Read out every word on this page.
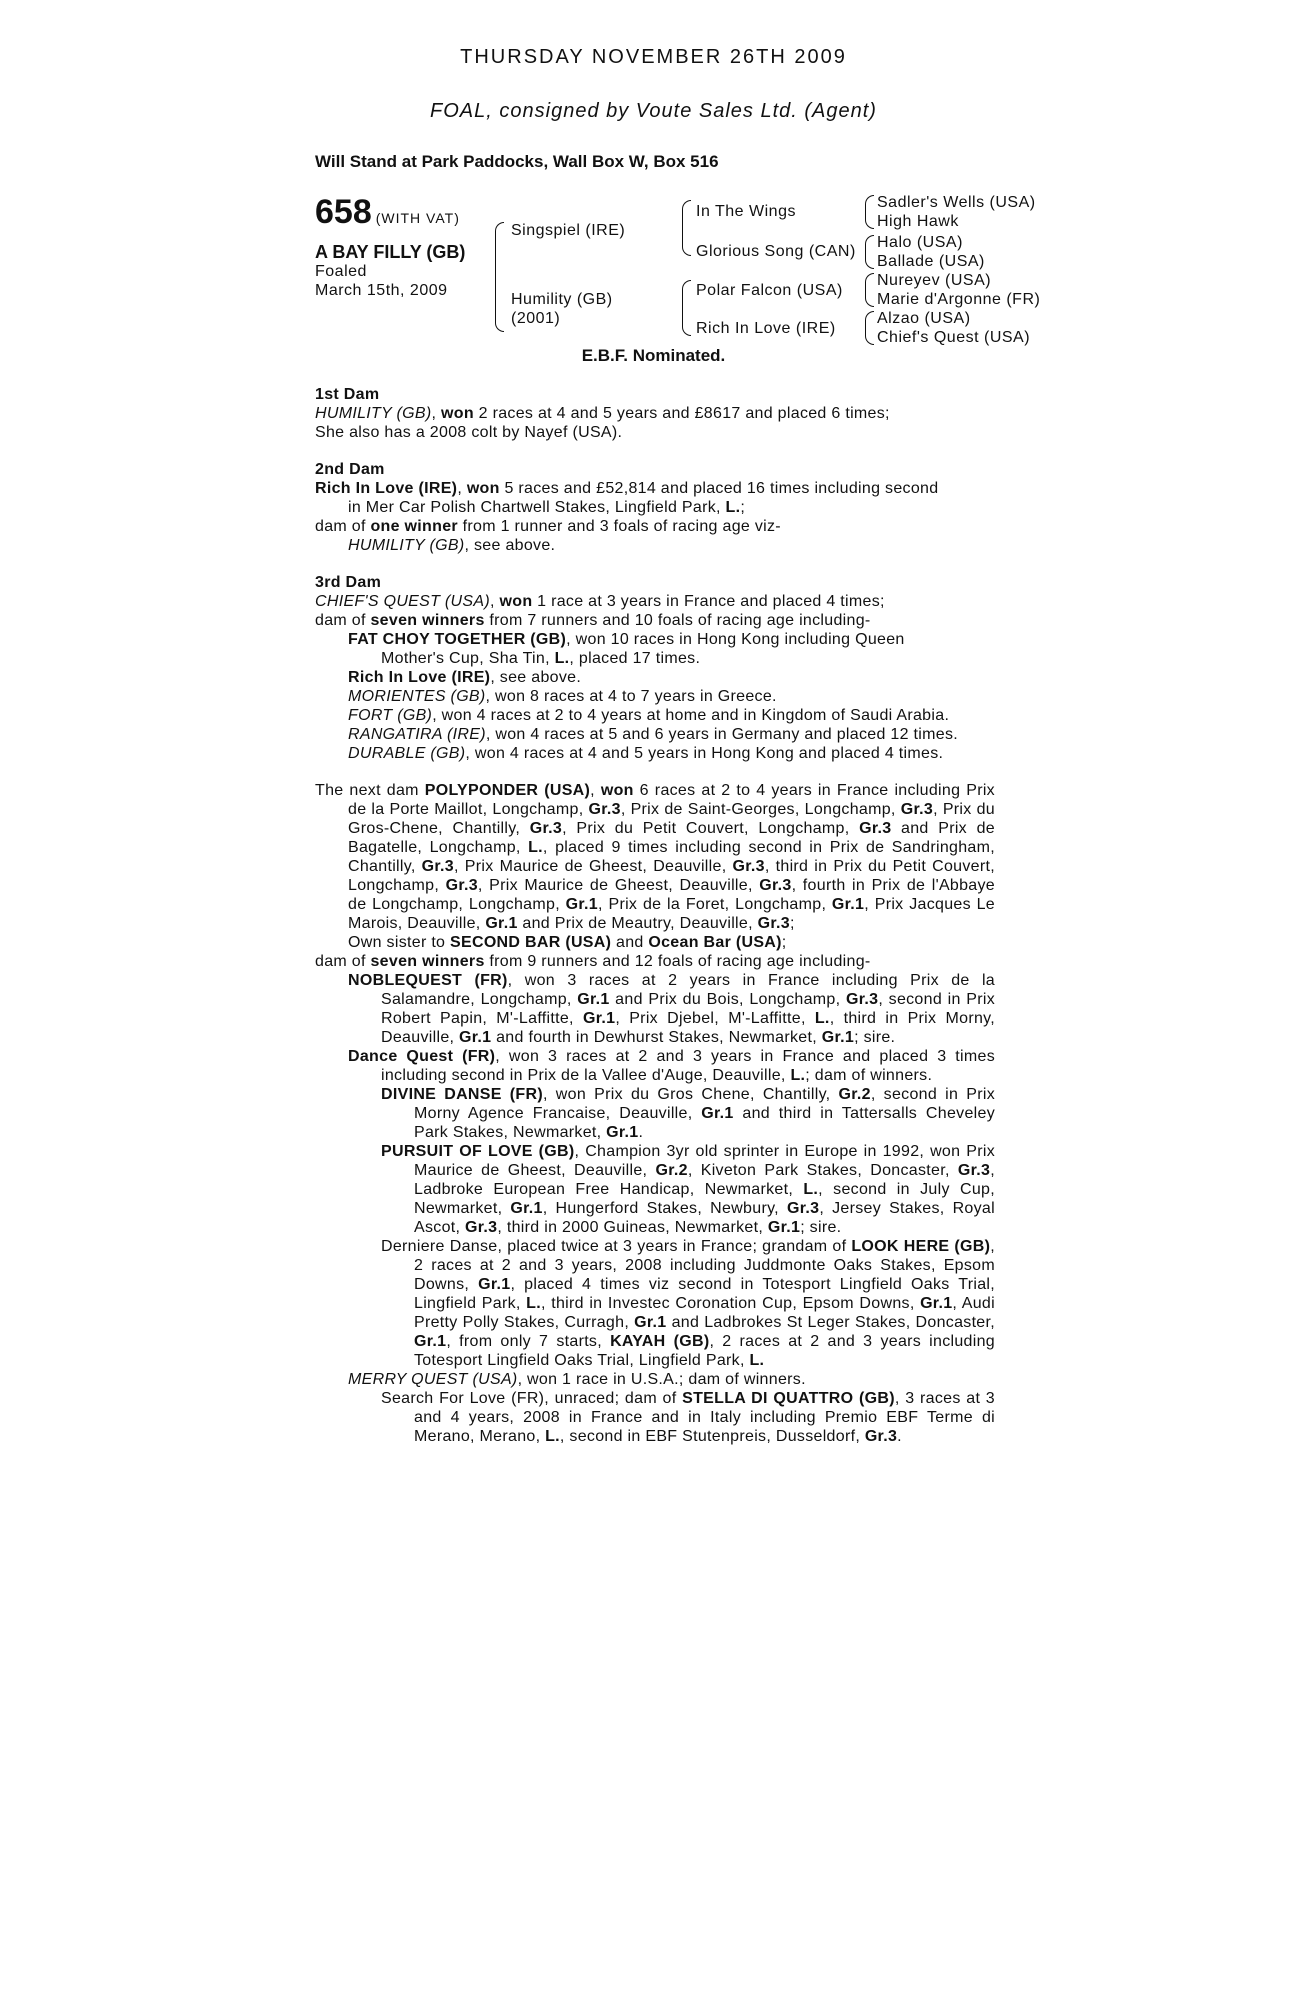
THURSDAY NOVEMBER 26TH 2009
FOAL, consigned by Voute Sales Ltd. (Agent)
Will Stand at Park Paddocks, Wall Box W, Box 516
658 (WITH VAT)
A BAY FILLY (GB)
Foaled
March 15th, 2009
Singspiel (IRE)
Humility (GB)
(2001)
In The Wings
Glorious Song (CAN)
Polar Falcon (USA)
Rich In Love (IRE)
Sadler's Wells (USA)
High Hawk
Halo (USA)
Ballade (USA)
Nureyev (USA)
Marie d'Argonne (FR)
Alzao (USA)
Chief's Quest (USA)
E.B.F. Nominated.

1st Dam

HUMILITY (GB), won 2 races at 4 and 5 years and £8617 and placed 6 times;

She also has a 2008 colt by Nayef (USA).

2nd Dam

Rich In Love (IRE), won 5 races and £52,814 and placed 16 times including second

in Mer Car Polish Chartwell Stakes, Lingfield Park, L.;

dam of one winner from 1 runner and 3 foals of racing age viz-

HUMILITY (GB), see above.

3rd Dam

CHIEF'S QUEST (USA), won 1 race at 3 years in France and placed 4 times;

dam of seven winners from 7 runners and 10 foals of racing age including-

FAT CHOY TOGETHER (GB), won 10 races in Hong Kong including Queen

Mother's Cup, Sha Tin, L., placed 17 times.

Rich In Love (IRE), see above.

MORIENTES (GB), won 8 races at 4 to 7 years in Greece.

FORT (GB), won 4 races at 2 to 4 years at home and in Kingdom of Saudi Arabia.

RANGATIRA (IRE), won 4 races at 5 and 6 years in Germany and placed 12 times.

DURABLE (GB), won 4 races at 4 and 5 years in Hong Kong and placed 4 times.

The next dam POLYPONDER (USA), won 6 races at 2 to 4 years in France including Prix de la Porte Maillot, Longchamp, Gr.3, Prix de Saint-Georges, Longchamp, Gr.3, Prix du Gros-Chene, Chantilly, Gr.3, Prix du Petit Couvert, Longchamp, Gr.3 and Prix de Bagatelle, Longchamp, L., placed 9 times including second in Prix de Sandringham, Chantilly, Gr.3, Prix Maurice de Gheest, Deauville, Gr.3, third in Prix du Petit Couvert, Longchamp, Gr.3, Prix Maurice de Gheest, Deauville, Gr.3, fourth in Prix de l'Abbaye de Longchamp, Longchamp, Gr.1, Prix de la Foret, Longchamp, Gr.1, Prix Jacques Le Marois, Deauville, Gr.1 and Prix de Meautry, Deauville, Gr.3;
Own sister to SECOND BAR (USA) and Ocean Bar (USA);

dam of seven winners from 9 runners and 12 foals of racing age including-

NOBLEQUEST (FR), won 3 races at 2 years in France including Prix de la Salamandre, Longchamp, Gr.1 and Prix du Bois, Longchamp, Gr.3, second in Prix Robert Papin, M'-Laffitte, Gr.1, Prix Djebel, M'-Laffitte, L., third in Prix Morny, Deauville, Gr.1 and fourth in Dewhurst Stakes, Newmarket, Gr.1; sire.

Dance Quest (FR), won 3 races at 2 and 3 years in France and placed 3 times including second in Prix de la Vallee d'Auge, Deauville, L.; dam of winners.

DIVINE DANSE (FR), won Prix du Gros Chene, Chantilly, Gr.2, second in Prix Morny Agence Francaise, Deauville, Gr.1 and third in Tattersalls Cheveley Park Stakes, Newmarket, Gr.1.

PURSUIT OF LOVE (GB), Champion 3yr old sprinter in Europe in 1992, won Prix Maurice de Gheest, Deauville, Gr.2, Kiveton Park Stakes, Doncaster, Gr.3, Ladbroke European Free Handicap, Newmarket, L., second in July Cup, Newmarket, Gr.1, Hungerford Stakes, Newbury, Gr.3, Jersey Stakes, Royal Ascot, Gr.3, third in 2000 Guineas, Newmarket, Gr.1; sire.

Derniere Danse, placed twice at 3 years in France; grandam of LOOK HERE (GB), 2 races at 2 and 3 years, 2008 including Juddmonte Oaks Stakes, Epsom Downs, Gr.1, placed 4 times viz second in Totesport Lingfield Oaks Trial, Lingfield Park, L., third in Investec Coronation Cup, Epsom Downs, Gr.1, Audi Pretty Polly Stakes, Curragh, Gr.1 and Ladbrokes St Leger Stakes, Doncaster, Gr.1, from only 7 starts, KAYAH (GB), 2 races at 2 and 3 years including Totesport Lingfield Oaks Trial, Lingfield Park, L.

MERRY QUEST (USA), won 1 race in U.S.A.; dam of winners.

Search For Love (FR), unraced; dam of STELLA DI QUATTRO (GB), 3 races at 3 and 4 years, 2008 in France and in Italy including Premio EBF Terme di Merano, Merano, L., second in EBF Stutenpreis, Dusseldorf, Gr.3.
